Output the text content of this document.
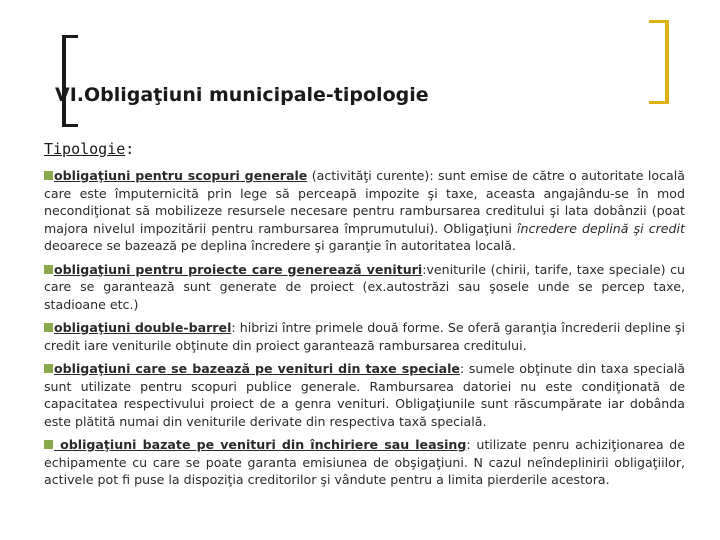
VI.Obligaţiuni municipale-tipologie
Tipologie:

obligaţiuni pentru scopuri generale (activităţi curente): sunt emise de către o autoritate locală care este împuternicită prin lege să perceapă impozite şi taxe, aceasta angajându-se în mod necondiţionat să mobilizeze resursele necesare pentru rambursarea creditului şi lata dobânzii (poat majora nivelul impozitării pentru rambursarea împrumutului). Obligaţiuni încredere deplină şi credit deoarece se bazează pe deplina încredere şi garanţie în autoritatea locală.

obligaţiuni pentru proiecte care generează venituri:veniturile (chirii, tarife, taxe speciale) cu care se garantează sunt generate de proiect (ex.autostrăzi sau şosele unde se percep taxe, stadioane etc.)

obligaţiuni double-barrel: hibrizi între primele două forme. Se oferă garanţia încrederii depline şi credit iare veniturile obţinute din proiect garantează rambursarea creditului.

obligaţiuni care se bazează pe venituri din taxe speciale: sumele obţinute din taxa specială sunt utilizate pentru scopuri publice generale. Rambursarea datoriei nu este condiţionată de capacitatea respectivului proiect de a genra venituri. Obligaţiunile sunt răscumpărate iar dobânda este plătită numai din veniturile derivate din respectiva taxă specială.

obligaţiuni bazate pe venituri din închiriere sau leasing: utilizate penru achiziţionarea de echipamente cu care se poate garanta emisiunea de obşigaţiuni. N cazul neîndeplinirii obligaţiilor, activele pot fi puse la dispoziţia creditorilor şi vândute pentru a limita pierderile acestora.
